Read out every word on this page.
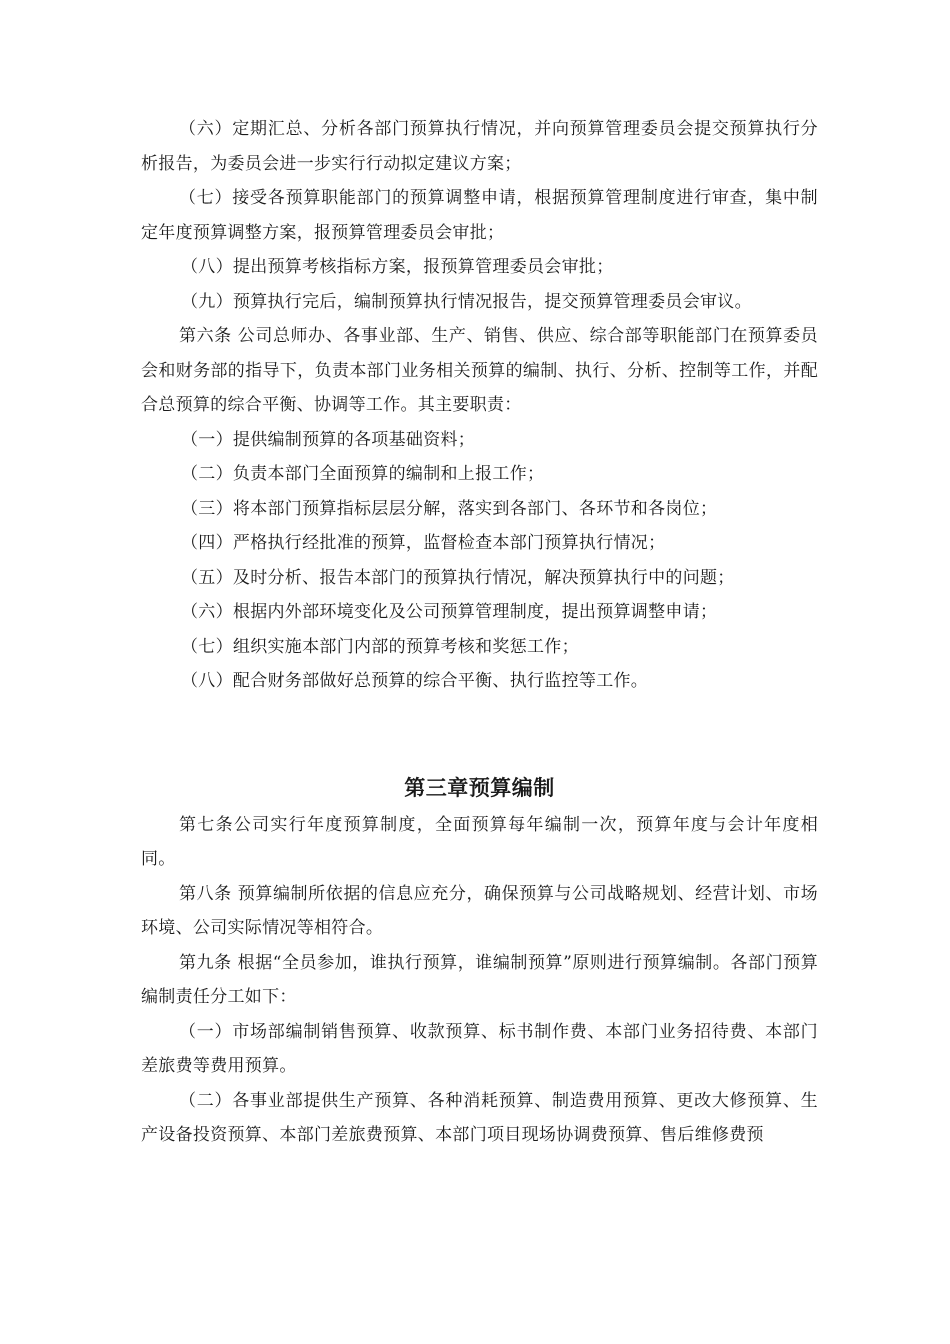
（六）定期汇总、分析各部门预算执行情况，并向预算管理委员会提交预算执行分析报告，为委员会进一步实行行动拟定建议方案；

（七）接受各预算职能部门的预算调整申请，根据预算管理制度进行审查，集中制定年度预算调整方案，报预算管理委员会审批；

（八）提出预算考核指标方案，报预算管理委员会审批；

（九）预算执行完后，编制预算执行情况报告，提交预算管理委员会审议。

第六条 公司总师办、各事业部、生产、销售、供应、综合部等职能部门在预算委员会和财务部的指导下，负责本部门业务相关预算的编制、执行、分析、控制等工作，并配合总预算的综合平衡、协调等工作。其主要职责：

（一）提供编制预算的各项基础资料；

（二）负责本部门全面预算的编制和上报工作；

（三）将本部门预算指标层层分解，落实到各部门、各环节和各岗位；

（四）严格执行经批准的预算，监督检查本部门预算执行情况；

（五）及时分析、报告本部门的预算执行情况，解决预算执行中的问题；

（六）根据内外部环境变化及公司预算管理制度，提出预算调整申请；

（七）组织实施本部门内部的预算考核和奖惩工作；

（八）配合财务部做好总预算的综合平衡、执行监控等工作。

第三章预算编制

第七条公司实行年度预算制度，全面预算每年编制一次，预算年度与会计年度相同。

第八条 预算编制所依据的信息应充分，确保预算与公司战略规划、经营计划、市场环境、公司实际情况等相符合。

第九条 根据“全员参加，谁执行预算，谁编制预算”原则进行预算编制。各部门预算编制责任分工如下：

（一）市场部编制销售预算、收款预算、标书制作费、本部门业务招待费、本部门差旅费等费用预算。

（二）各事业部提供生产预算、各种消耗预算、制造费用预算、更改大修预算、生产设备投资预算、本部门差旅费预算、本部门项目现场协调费预算、售后维修费预
